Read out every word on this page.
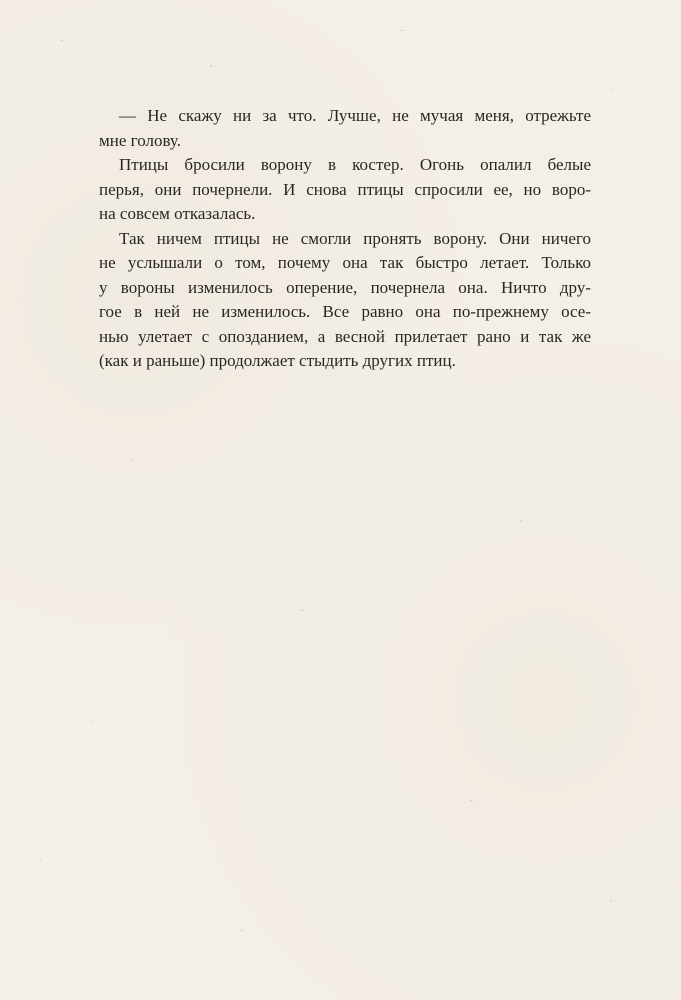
— Не скажу ни за что. Лучше, не мучая меня, отрежьте
мне голову.
Птицы бросили ворону в костер. Огонь опалил белые
перья, они почернели. И снова птицы спросили ее, но воро-
на совсем отказалась.
Так ничем птицы не смогли пронять ворону. Они ничего
не услышали о том, почему она так быстро летает. Только
у вороны изменилось оперение, почернела она. Ничто дру-
гое в ней не изменилось. Все равно она по-прежнему осе-
нью улетает с опозданием, а весной прилетает рано и так же
(как и раньше) продолжает стыдить других птиц.
